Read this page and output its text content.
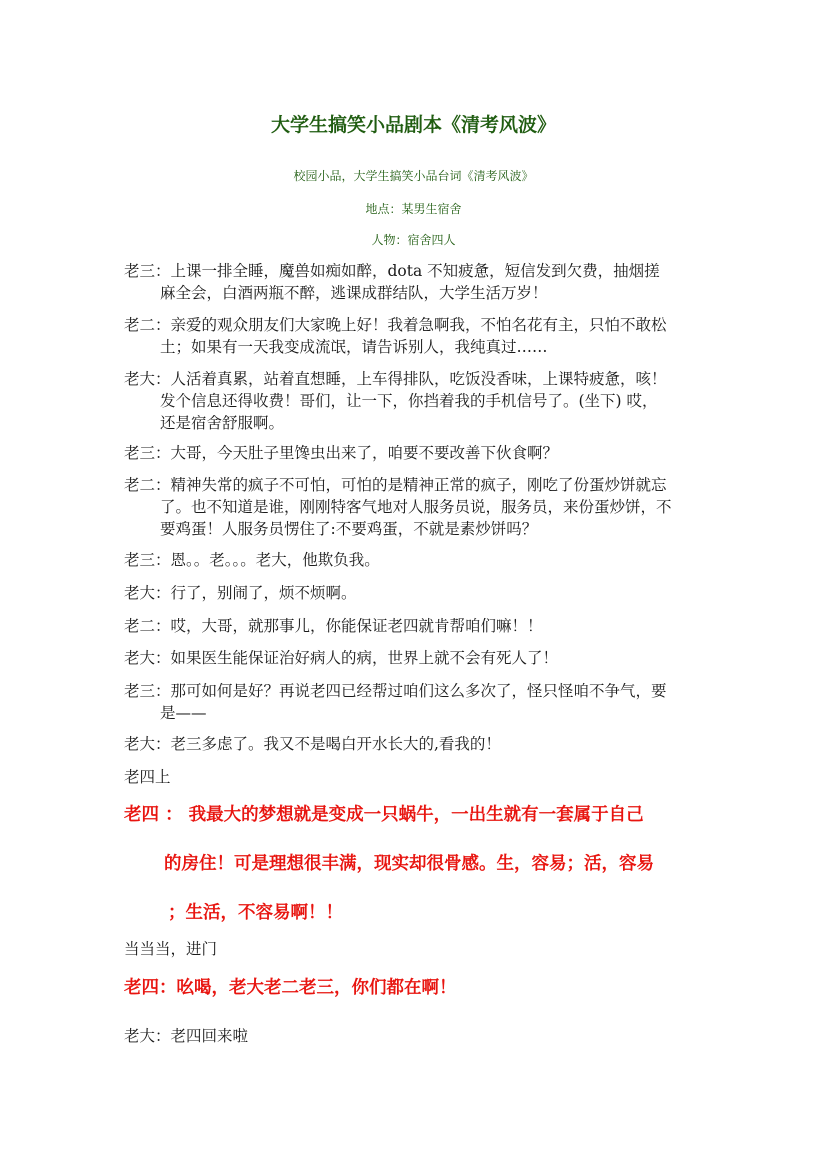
大学生搞笑小品剧本《清考风波》
校园小品，大学生搞笑小品台词《清考风波》
地点：某男生宿舍
人物：宿舍四人
老三：上课一排全睡，魔兽如痴如醉，dota 不知疲惫，短信发到欠费，抽烟搓
麻全会，白酒两瓶不醉，逃课成群结队，大学生活万岁！
老二：亲爱的观众朋友们大家晚上好！我着急啊我，不怕名花有主，只怕不敢松
土；如果有一天我变成流氓，请告诉别人，我纯真过……
老大：人活着真累，站着直想睡，上车得排队，吃饭没香味，上课特疲惫，咳！
发个信息还得收费！哥们，让一下，你挡着我的手机信号了。(坐下) 哎，
还是宿舍舒服啊。
老三：大哥，今天肚子里馋虫出来了，咱要不要改善下伙食啊？
老二：精神失常的疯子不可怕，可怕的是精神正常的疯子，刚吃了份蛋炒饼就忘
了。也不知道是谁，刚刚特客气地对人服务员说，服务员，来份蛋炒饼，不
要鸡蛋！人服务员愣住了:不要鸡蛋，不就是素炒饼吗？
老三：恩。。老。。。老大，他欺负我。
老大：行了，别闹了，烦不烦啊。
老二：哎，大哥，就那事儿，你能保证老四就肯帮咱们嘛！！
老大：如果医生能保证治好病人的病，世界上就不会有死人了！
老三：那可如何是好？再说老四已经帮过咱们这么多次了，怪只怪咱不争气，要
是——
老大：老三多虑了。我又不是喝白开水长大的,看我的！
老四上
老四 ： 我最大的梦想就是变成一只蜗牛，一出生就有一套属于自己
的房住！可是理想很丰满，现实却很骨感。生，容易；活，容易
；生活，不容易啊！！
当当当，进门
老四：吆喝，老大老二老三，你们都在啊！
老大：老四回来啦
